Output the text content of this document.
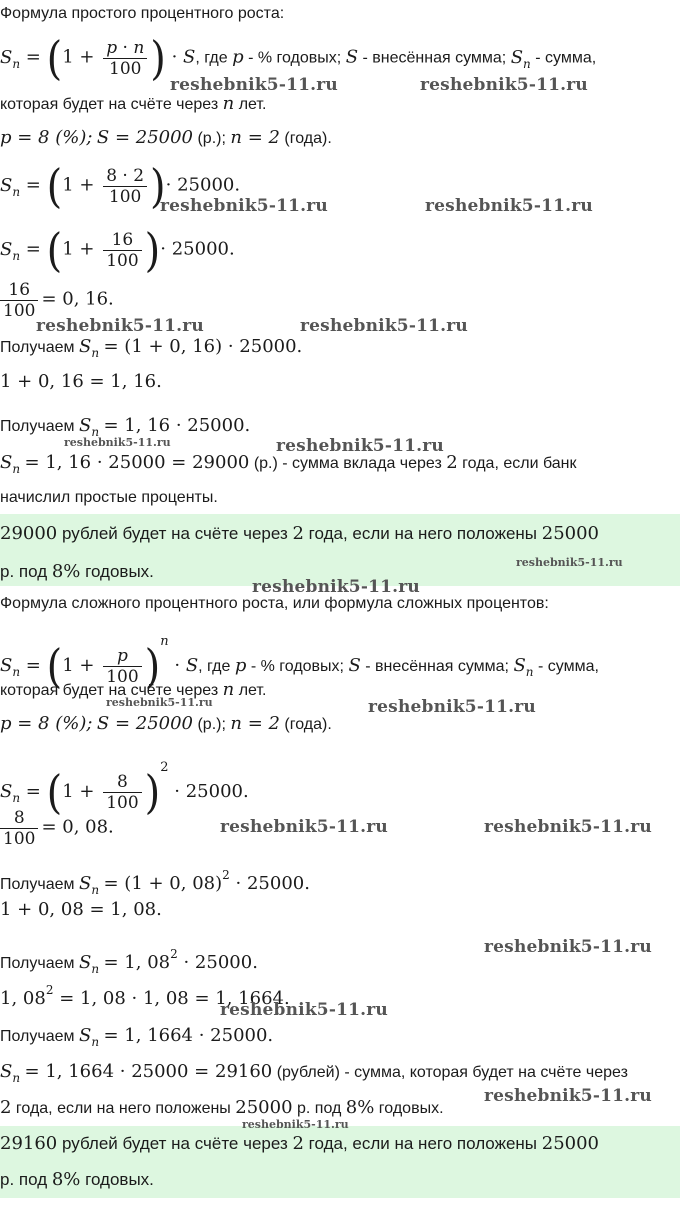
Формула простого процентного роста:
$S_n = (1 + \frac{p \cdot n}{100}$ ) · S, где p - % годовых; S - внесённая сумма; $S_n$ - сумма,
которая будет на счёте через n лет.
p = 8 (%); S = 25000 (р.); n = 2 (года).
$S_n = (1 + \frac{8 \cdot 2}{100}$ )· 25000.
$S_n = (1 + \frac{16}{100}$ )· 25000.
$\frac{16}{100} = 0$, 16.
Получаем $S_n = (1 + 0$, 16) · 25000.
1 + 0, 16 = 1, 16.
Получаем $S_n = 1$, 16 · 25000.
$S_n = 1$, 16 · 25000 = 29000 (р.) - сумма вклада через 2 года, если банк
начислил простые проценты.
29000 рублей будет на счёте через 2 года, если на него положены 25000
р. под 8% годовых.
Формула сложного процентного роста, или формула сложных процентов:
$S_n = (1 + \frac{p}{100} )^n \cdot S$, где p - % годовых; S - внесённая сумма; $S_n$ - сумма,
которая будет на счёте через n лет.
p = 8 (%); S = 25000 (р.); n = 2 (года).
$S_n = (1 + \frac{8}{100} )^2 \cdot 25000$.
$\frac{8}{100} = 0$, 08.
Получаем $S_n = (1 + 0$, 08)$^2$ · 25000.
1 + 0, 08 = 1, 08.
Получаем $S_n = 1$, $08^2 \cdot 25000$.
1, $08^2 = 1$, 08 · 1, 08 = 1, 1664.
Получаем $S_n = 1$, 1664 · 25000.
$S_n = 1$, 1664 · 25000 = 29160 (рублей) - сумма, которая будет на счёте через
2 года, если на него положены 25000 р. под 8% годовых.
29160 рублей будет на счёте через 2 года, если на него положены 25000
р. под 8% годовых.
reshebnik5-11.ru	reshebnik5-11.ru
reshebnik5-11.ru	reshebnik5-11.ru
reshebnik5-11.ru	reshebnik5-11.ru
reshebnik5-11.ru	reshebnik5-11.ru
reshebnik5-11.ru
reshebnik5-11.ru
reshebnik5-11.ru	reshebnik5-11.ru
reshebnik5-11.ru	reshebnik5-11.ru
reshebnik5-11.ru
reshebnik5-11.ru
reshebnik5-11.ru
reshebnik5-11.ru
